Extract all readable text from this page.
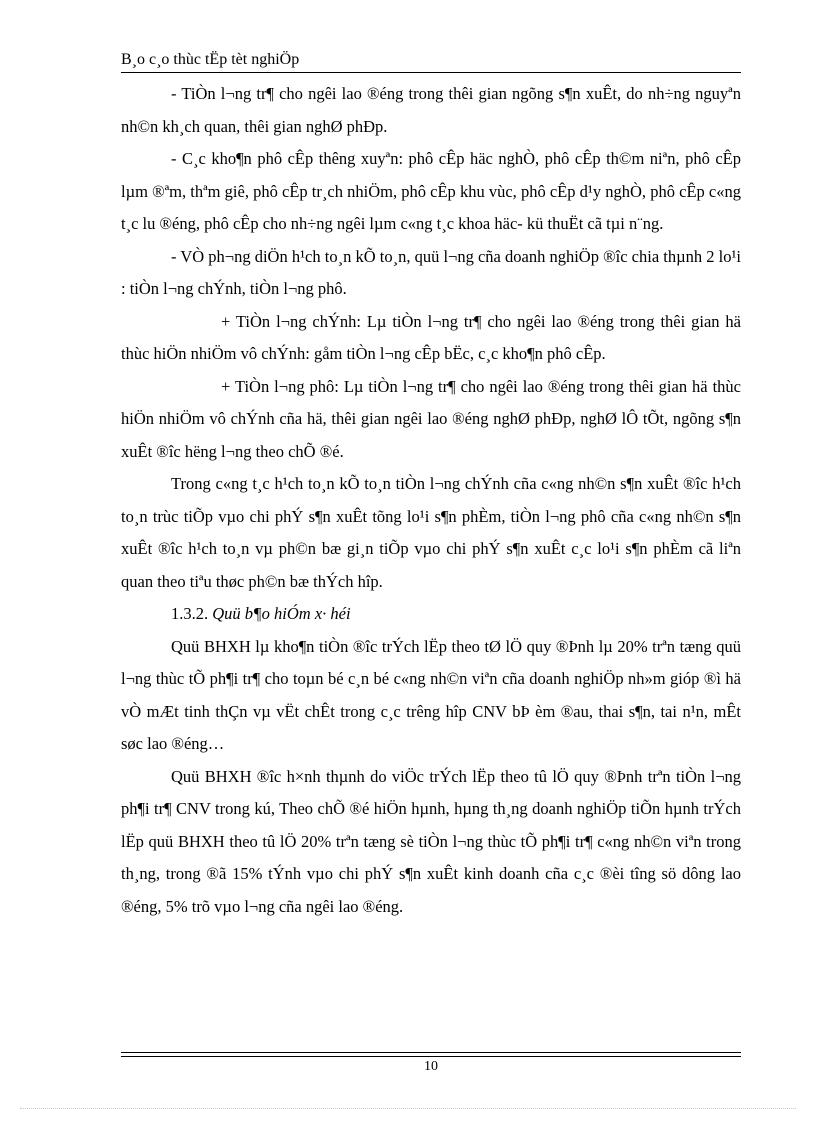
B¸o c¸o thùc tËp tèt nghiÖp

- TiÒn l¬ng tr¶ cho ngêi lao ®éng trong thêi gian ngõng s¶n xuÊt, do nh÷ng nguyªn nh©n kh¸ch quan, thêi gian nghØ phÐp.

- C¸c kho¶n phô cÊp thêng xuyªn: phô cÊp häc nghÒ, phô cÊp th©m niªn, phô cÊp lµm ®ªm, thªm giê, phô cÊp tr¸ch nhiÖm, phô cÊp khu vùc, phô cÊp d¹y nghÒ, phô cÊp c«ng t¸c lu ®éng, phô cÊp cho nh÷ng ngêi lµm c«ng t¸c khoa häc- kü thuËt cã tµi n¨ng.

- VÒ ph¬ng diÖn h¹ch to¸n kÕ to¸n, quü l¬ng cña doanh nghiÖp ®îc chia thµnh 2 lo¹i : tiÒn l¬ng chÝnh, tiÒn l¬ng phô.

+ TiÒn l¬ng chÝnh: Lµ tiÒn l¬ng tr¶ cho ngêi lao ®éng trong thêi gian hä thùc hiÖn nhiÖm vô chÝnh: gåm tiÒn l¬ng cÊp bËc, c¸c kho¶n phô cÊp.

+ TiÒn l¬ng phô: Lµ tiÒn l¬ng tr¶ cho ngêi lao ®éng trong thêi gian hä thùc hiÖn nhiÖm vô chÝnh cña hä, thêi gian ngêi lao ®éng nghØ phÐp, nghØ lÔ tÕt, ngõng s¶n xuÊt ®îc hëng l¬ng theo chÕ ®é.

Trong c«ng t¸c h¹ch to¸n kÕ to¸n tiÒn l¬ng chÝnh cña c«ng nh©n s¶n xuÊt ®îc h¹ch to¸n trùc tiÕp vµo chi phÝ s¶n xuÊt tõng lo¹i s¶n phÈm, tiÒn l¬ng phô cña c«ng nh©n s¶n xuÊt ®îc h¹ch to¸n vµ ph©n bæ gi¸n tiÕp vµo chi phÝ s¶n xuÊt c¸c lo¹i s¶n phÈm cã liªn quan theo tiªu thøc ph©n bæ thÝch hîp.

1.3.2. Quü b¶o hiÓm x· héi

Quü BHXH lµ kho¶n tiÒn ®îc trÝch lËp theo tØ lÖ quy ®Þnh lµ 20% trªn tæng quü l¬ng thùc tÕ ph¶i tr¶ cho toµn bé c¸n bé c«ng nh©n viªn cña doanh nghiÖp nh»m gióp ®ì hä vÒ mÆt tinh thÇn vµ vËt chÊt trong c¸c trêng hîp CNV bÞ èm ®au, thai s¶n, tai n¹n, mÊt søc lao ®éng…

Quü BHXH ®îc h×nh thµnh do viÖc trÝch lËp theo tû lÖ quy ®Þnh trªn tiÒn l¬ng ph¶i tr¶ CNV trong kú, Theo chÕ ®é hiÖn hµnh, hµng th¸ng doanh nghiÖp tiÕn hµnh trÝch lËp quü BHXH theo tû lÖ 20% trªn tæng sè tiÒn l¬ng thùc tÕ ph¶i tr¶ c«ng nh©n viªn trong th¸ng, trong ®ã 15% tÝnh vµo chi phÝ s¶n xuÊt kinh doanh cña c¸c ®èi tîng sö dông lao ®éng, 5% trõ vµo l¬ng cña ngêi lao ®éng.

10
